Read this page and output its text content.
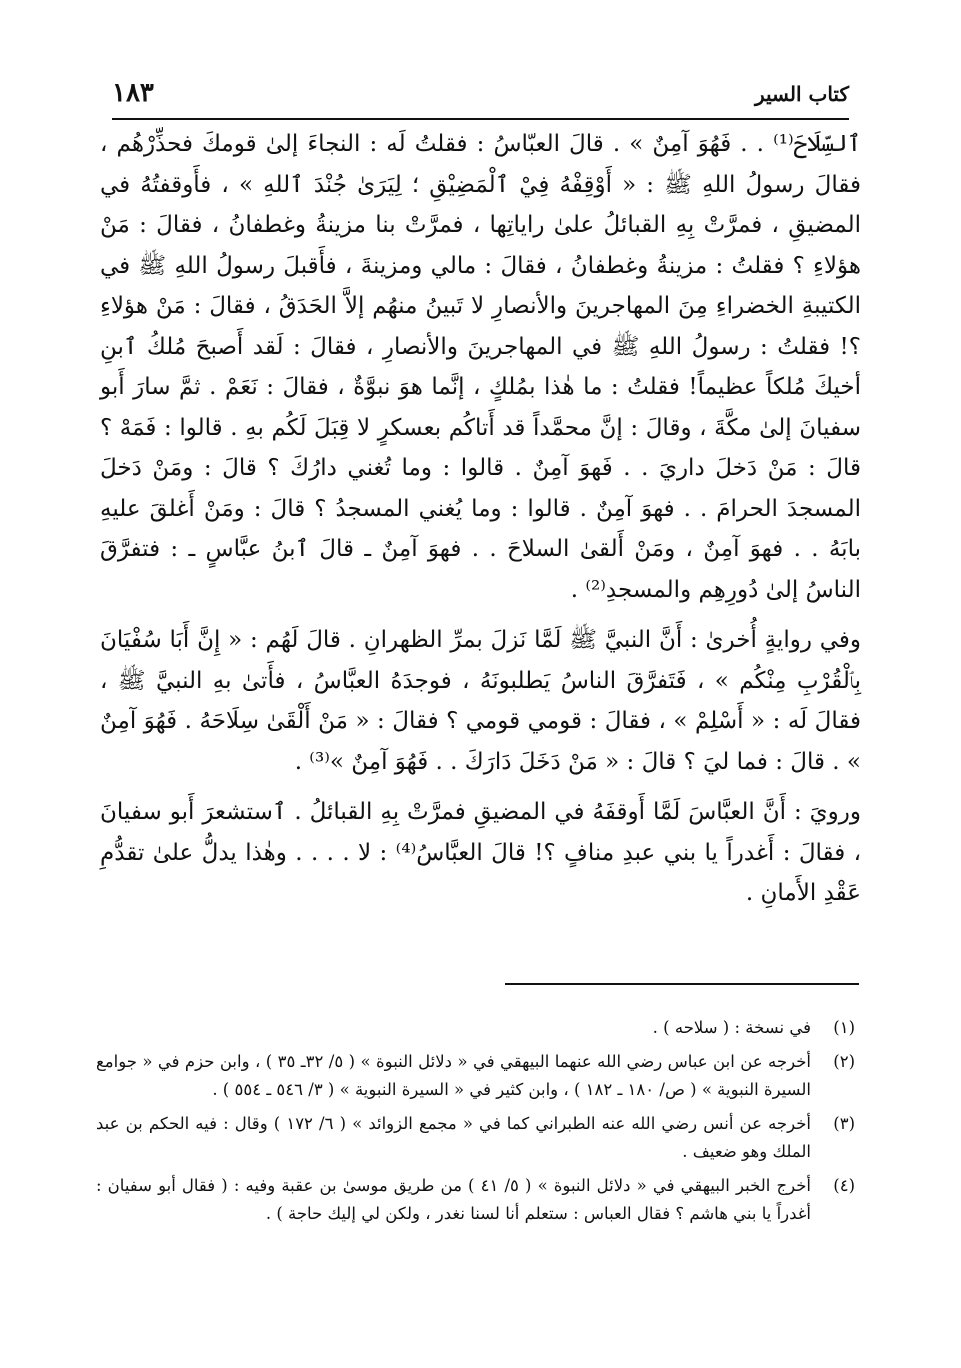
كتاب السير
١٨٣

ٱلسِّلَاحَ⁽¹⁾ . . فَهُوَ آمِنٌ » . قالَ العبّاسُ : فقلتُ لَه : النجاءَ إلىٰ قومكَ فحذِّرْهُم ، فقالَ رسولُ اللهِ ﷺ : « أَوْقِفْهُ فِيْ ٱلْمَضِيْقِ ؛ لِيَرَىٰ جُنْدَ ٱللهِ » ، فأَوقفتُهُ في المضيقِ ، فمرَّتْ بِهِ القبائلُ علىٰ راياتِها ، فمرَّتْ بنا مزينةُ وغطفانُ ، فقالَ : مَنْ هؤلاءِ ؟ فقلتُ : مزينةُ وغطفانُ ، فقالَ : مالي ومزينةَ ، فأَقبلَ رسولُ اللهِ ﷺ في الكتيبةِ الخضراءِ مِنَ المهاجرينَ والأنصارِ لا تَبينُ منهُم إلاَّ الحَدَقُ ، فقالَ : مَنْ هؤلاءِ ؟! فقلتُ : رسولُ اللهِ ﷺ في المهاجرينَ والأنصارِ ، فقالَ : لَقد أَصبحَ مُلكُ ٱبنِ أخيكَ مُلكاً عظيماً! فقلتُ : ما هٰذا بمُلكٍ ، إنَّما هوَ نبوَّةٌ ، فقالَ : نَعَمْ . ثمَّ سارَ أَبو سفيانَ إلىٰ مكَّةَ ، وقالَ : إنَّ محمَّداً قد أَتاكُم بعسكرٍ لا قِبَلَ لَكُم بهِ . قالوا : فَمَهْ ؟ قالَ : مَنْ دَخلَ داريَ . . فَهوَ آمِنٌ . قالوا : وما تُغني دارُكَ ؟ قالَ : ومَنْ دَخلَ المسجدَ الحرامَ . . فهوَ آمِنٌ . قالوا : وما يُغني المسجدُ ؟ قالَ : ومَنْ أَغلقَ عليهِ بابَهُ . . فهوَ آمِنٌ ، ومَنْ أَلقىٰ السلاحَ . . فهوَ آمِنٌ ـ قالَ ٱبنُ عبَّاسٍ ـ : فتفرَّقَ الناسُ إلىٰ دُورِهِم والمسجدِ⁽²⁾ .

وفي روايةٍ أُخرىٰ : أَنَّ النبيَّ ﷺ لَمَّا نَزلَ بمرِّ الظهرانِ . قالَ لَهُم : « إِنَّ أَبَا سُفْيَانَ بِٱلْقُرْبِ مِنْكُم » ، فَتَفرَّقَ الناسُ يَطلبونَهُ ، فوجدَهُ العبَّاسُ ، فأَتىٰ بهِ النبيَّ ﷺ ، فقالَ لَه : « أَسْلِمْ » ، فقالَ : قومي قومي ؟ فقالَ : « مَنْ أَلْقَىٰ سِلَاحَهُ . فَهُوَ آمِنٌ » . قالَ : فما ليَ ؟ قالَ : « مَنْ دَخَلَ دَارَكَ . . فَهُوَ آمِنٌ »⁽³⁾ .

ورويَ : أَنَّ العبَّاسَ لَمَّا أَوقفَهُ في المضيقِ فمرَّتْ بِهِ القبائلُ . ٱستشعرَ أَبو سفيانَ ، فقالَ : أَغدراً يا بني عبدِ منافٍ ؟! قالَ العبَّاسُ⁽⁴⁾ : لا . . . . وهٰذا يدلُّ علىٰ تقدُّمِ عَقْدِ الأَمانِ .

(١)
في نسخة : ( سلاحه ) .
(٢)
أخرجه عن ابن عباس رضي الله عنهما البيهقي في « دلائل النبوة » ( ٥/ ٣٢ـ ٣٥ ) ، وابن حزم في « جوامع السيرة النبوية » ( ص/ ١٨٠ ـ ١٨٢ ) ، وابن كثير في « السيرة النبوية » ( ٣/ ٥٤٦ ـ ٥٥٤ ) .
(٣)
أخرجه عن أنس رضي الله عنه الطبراني كما في « مجمع الزوائد » ( ٦/ ١٧٢ ) وقال : فيه الحكم بن عبد الملك وهو ضعيف .
(٤)
أخرج الخبر البيهقي في « دلائل النبوة » ( ٥/ ٤١ ) من طريق موسىٰ بن عقبة وفيه : ( فقال أبو سفيان : أغدراً يا بني هاشم ؟ فقال العباس : ستعلم أنا لسنا نغدر ، ولكن لي إليك حاجة ) .
